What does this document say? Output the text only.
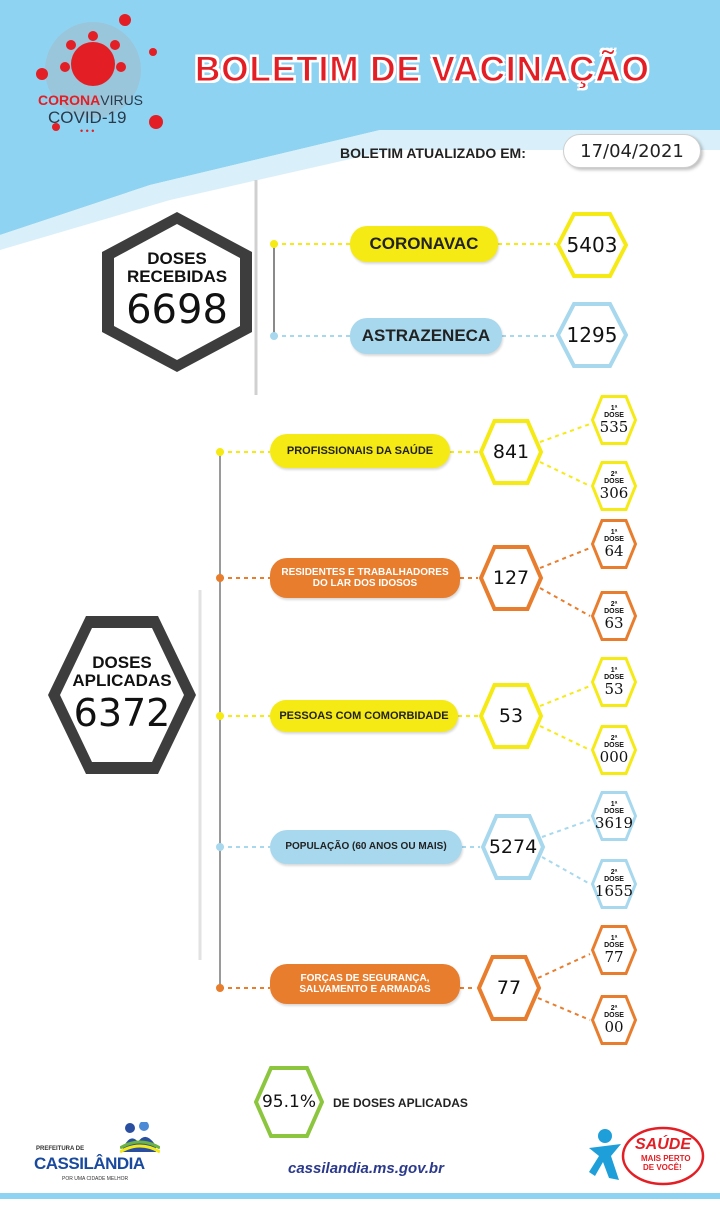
CORONAVIRUS
COVID-19
• • •
BOLETIM DE VACINAÇÃO
BOLETIM ATUALIZADO EM:	17/04/2021
DOSES
RECEBIDAS
6698
CORONAVAC
ASTRAZENECA
5403
1295
DOSES
APLICADAS
6372
PROFISSIONAIS DA SAÚDE	841
1ª
DOSE
535
2ª
DOSE
306
RESIDENTES E TRABALHADORES
DO LAR DOS IDOSOS	127
1ª
DOSE
64
2ª
DOSE
63
PESSOAS COM COMORBIDADE	53
1ª
DOSE
53
2ª
DOSE
000
POPULAÇÃO (60 ANOS OU MAIS)	5274
1ª
DOSE
3619
2ª
DOSE
1655
FORÇAS DE SEGURANÇA,
SALVAMENTO E ARMADAS	77
1ª
DOSE
77
2ª
DOSE
00
95.1%	DE DOSES APLICADAS
PREFEITURA DE
CASSILÂNDIA
POR UMA CIDADE MELHOR
cassilandia.ms.gov.br
SAÚDE
MAIS PERTO
DE VOCÊ!
